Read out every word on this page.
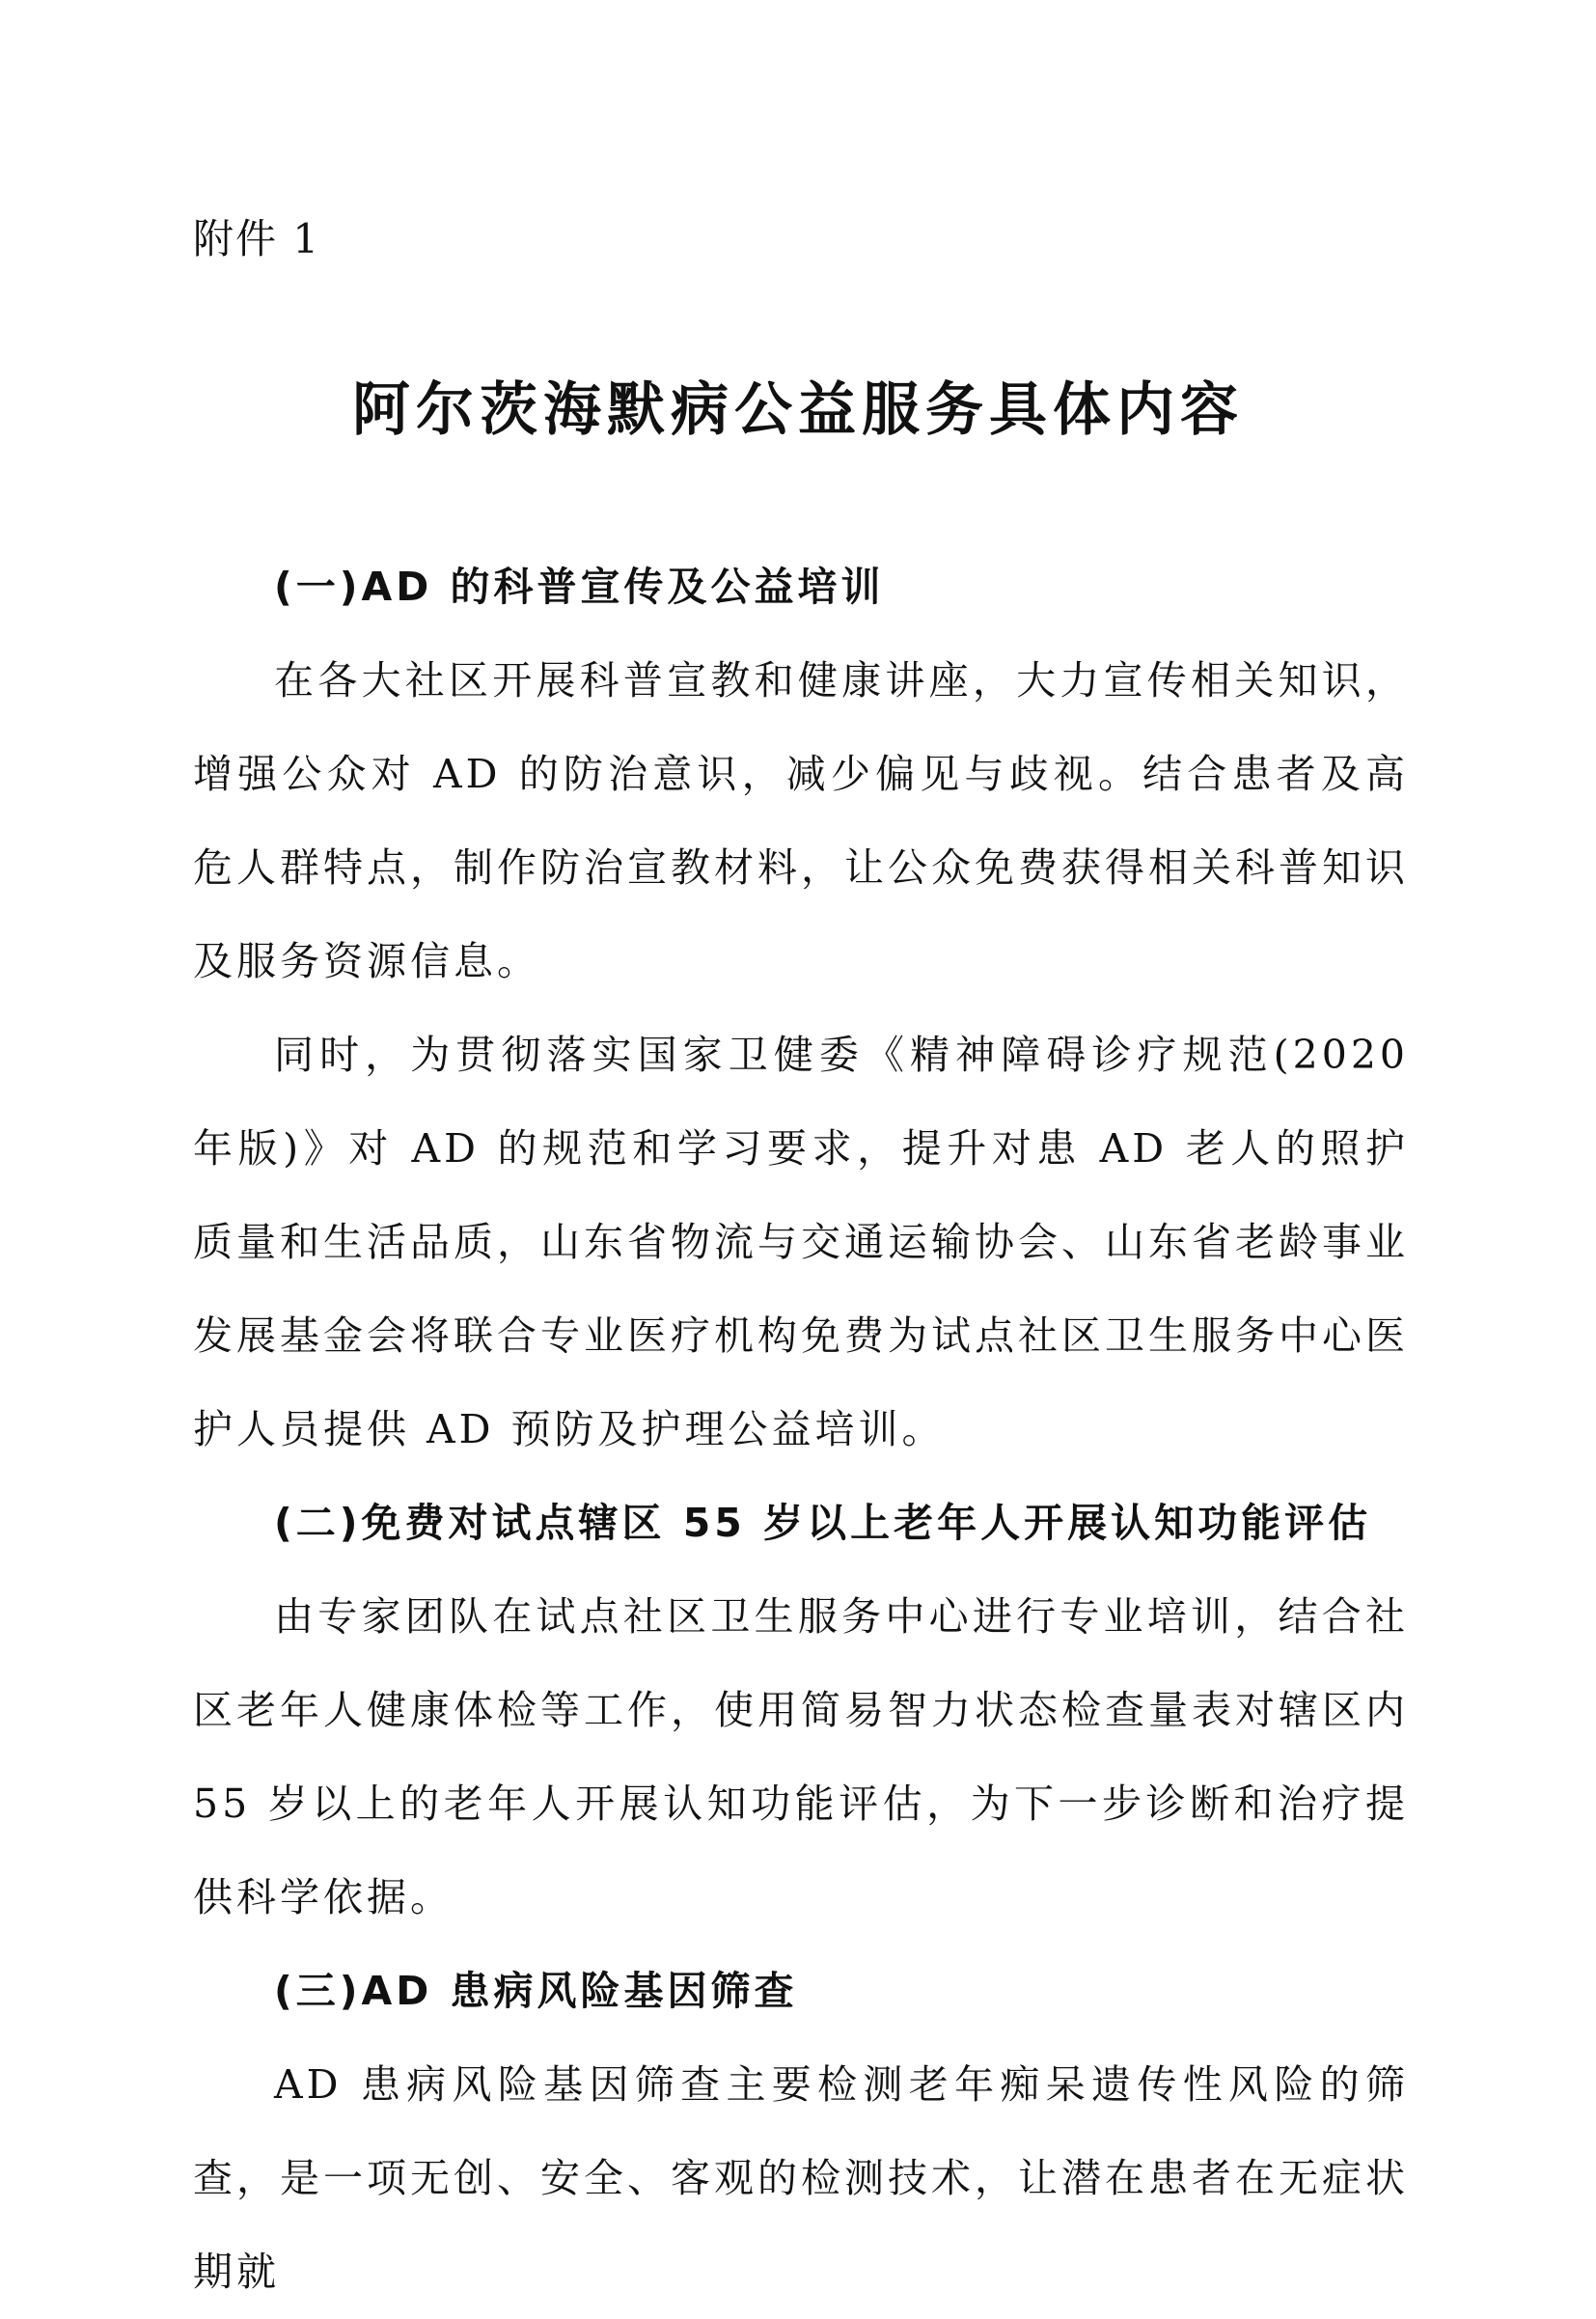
附件 1
阿尔茨海默病公益服务具体内容

(一)AD 的科普宣传及公益培训

在各大社区开展科普宣教和健康讲座，大力宣传相关知识，增强公众对 AD 的防治意识，减少偏见与歧视。结合患者及高危人群特点，制作防治宣教材料，让公众免费获得相关科普知识及服务资源信息。

同时，为贯彻落实国家卫健委《精神障碍诊疗规范(2020 年版)》对 AD 的规范和学习要求，提升对患 AD 老人的照护质量和生活品质，山东省物流与交通运输协会、山东省老龄事业发展基金会将联合专业医疗机构免费为试点社区卫生服务中心医护人员提供 AD 预防及护理公益培训。

(二)免费对试点辖区 55 岁以上老年人开展认知功能评估

由专家团队在试点社区卫生服务中心进行专业培训，结合社区老年人健康体检等工作，使用简易智力状态检查量表对辖区内 55 岁以上的老年人开展认知功能评估，为下一步诊断和治疗提供科学依据。

(三)AD 患病风险基因筛查

AD 患病风险基因筛查主要检测老年痴呆遗传性风险的筛查，是一项无创、安全、客观的检测技术，让潜在患者在无症状期就
